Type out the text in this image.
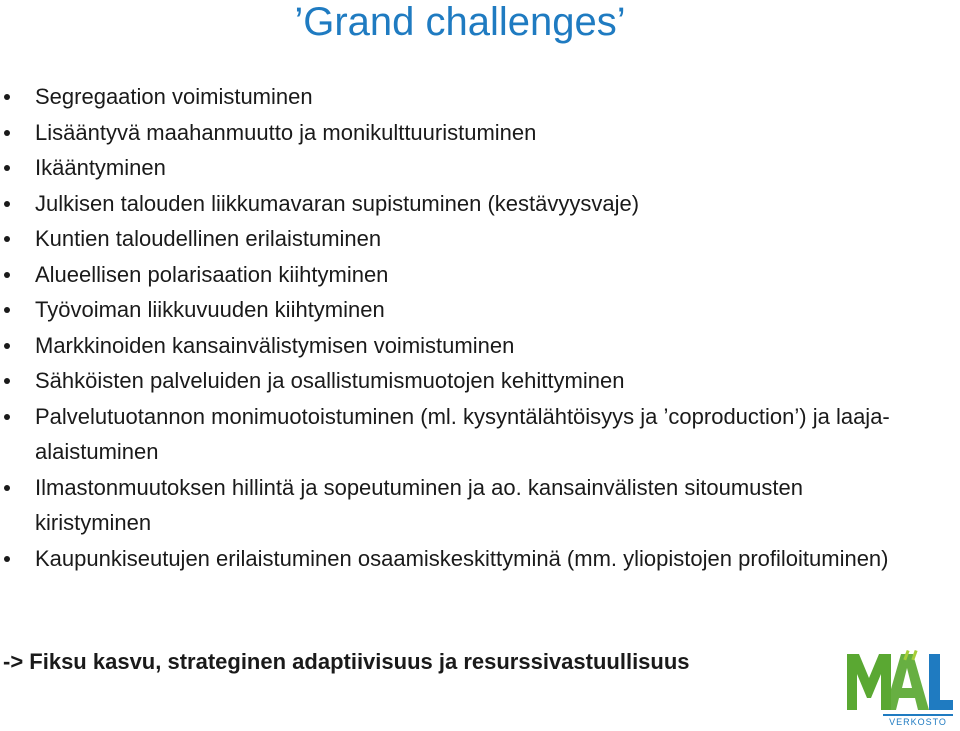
’Grand challenges’
Segregaation voimistuminen
Lisääntyvä maahanmuutto ja monikulttuuristuminen
Ikääntyminen
Julkisen talouden liikkumavaran supistuminen (kestävyysvaje)
Kuntien taloudellinen erilaistuminen
Alueellisen polarisaation kiihtyminen
Työvoiman liikkuvuuden kiihtyminen
Markkinoiden kansainvälistymisen voimistuminen
Sähköisten palveluiden ja osallistumismuotojen kehittyminen
Palvelutuotannon monimuotoistuminen (ml. kysyntälähtöisyys ja ’coproduction’) ja laaja-alaistuminen
Ilmastonmuutoksen hillintä ja sopeutuminen ja ao. kansainvälisten sitoumusten kiristyminen
Kaupunkiseutujen erilaistuminen osaamiskeskittyminä (mm. yliopistojen profiloituminen)

-> Fiksu kasvu, strateginen adaptiivisuus ja resurssivastuullisuus

VERKOSTO
